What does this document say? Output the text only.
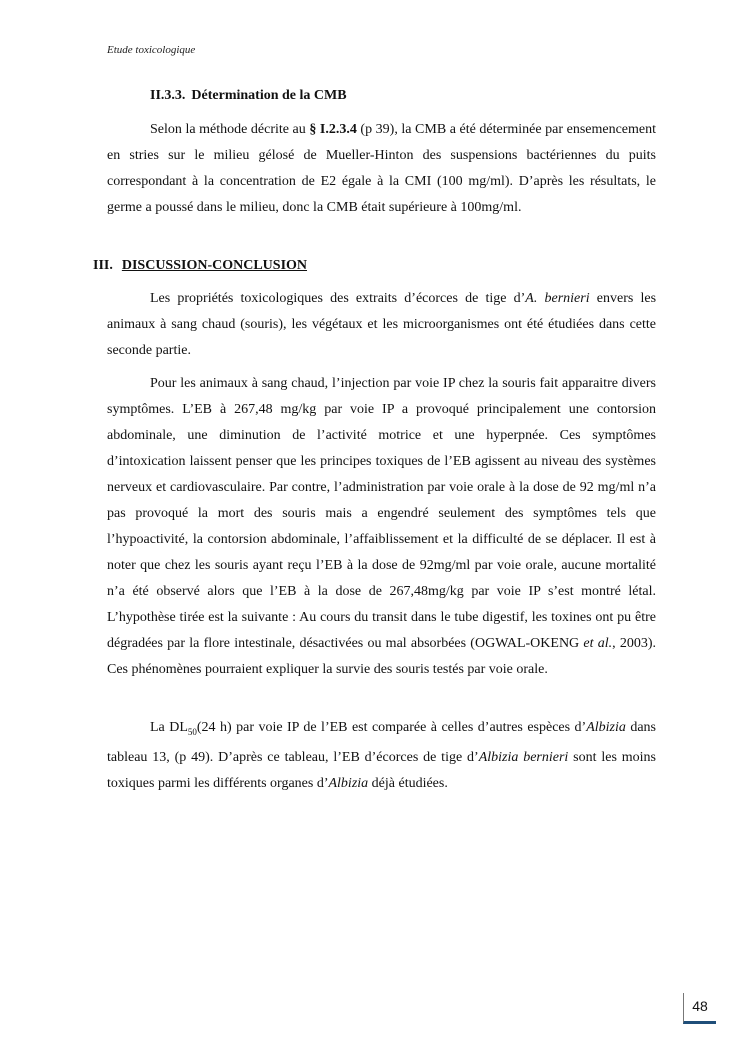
Etude toxicologique
II.3.3. Détermination de la CMB

Selon la méthode décrite au § I.2.3.4 (p 39), la CMB a été déterminée par ensemencement en stries sur le milieu gélosé de Mueller-Hinton des suspensions bactériennes du puits correspondant à la concentration de E2 égale à la CMI (100 mg/ml). D’après les résultats, le germe a poussé dans le milieu, donc la CMB était supérieure à 100mg/ml.

III. DISCUSSION-CONCLUSION

Les propriétés toxicologiques des extraits d’écorces de tige d’A. bernieri envers les animaux à sang chaud (souris), les végétaux et les microorganismes ont été étudiées dans cette seconde partie.

Pour les animaux à sang chaud, l’injection par voie IP chez la souris fait apparaitre divers symptômes. L’EB à 267,48 mg/kg par voie IP a provoqué principalement une contorsion abdominale, une diminution de l’activité motrice et une hyperpnée. Ces symptômes d’intoxication laissent penser que les principes toxiques de l’EB agissent au niveau des systèmes nerveux et cardiovasculaire. Par contre, l’administration par voie orale à la dose de 92 mg/ml n’a pas provoqué la mort des souris mais a engendré seulement des symptômes tels que l’hypoactivité, la contorsion abdominale, l’affaiblissement et la difficulté de se déplacer. Il est à noter que chez les souris ayant reçu l’EB à la dose de 92mg/ml par voie orale, aucune mortalité n’a été observé alors que l’EB à la dose de 267,48mg/kg par voie IP s’est montré létal. L’hypothèse tirée est la suivante : Au cours du transit dans le tube digestif, les toxines ont pu être dégradées par la flore intestinale, désactivées ou mal absorbées (OGWAL-OKENG et al., 2003). Ces phénomènes pourraient expliquer la survie des souris testés par voie orale.

La $DL_{50}(24$ h) par voie IP de l’EB est comparée à celles d’autres espèces d’Albizia dans tableau 13, (p 49). D’après ce tableau, l’EB d’écorces de tige d’Albizia bernieri sont les moins toxiques parmi les différents organes d’Albizia déjà étudiées.

48
